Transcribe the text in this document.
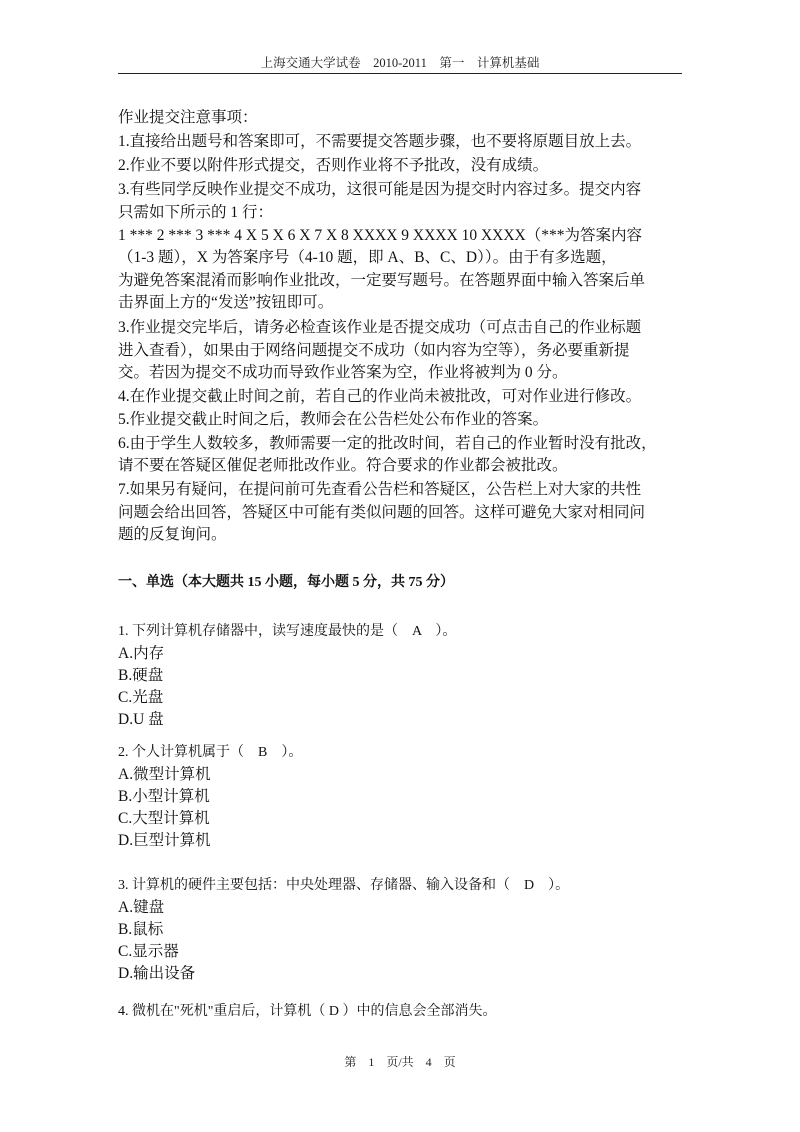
上海交通大学试卷　2010-2011　第一　计算机基础
作业提交注意事项：
1.直接给出题号和答案即可，不需要提交答题步骤，也不要将原题目放上去。
2.作业不要以附件形式提交，否则作业将不予批改，没有成绩。
3.有些同学反映作业提交不成功，这很可能是因为提交时内容过多。提交内容
只需如下所示的 1 行：
1 *** 2 *** 3 *** 4 X 5 X 6 X 7 X 8 XXXX 9 XXXX 10 XXXX（***为答案内容
（1-3 题），X 为答案序号（4-10 题，即 A、B、C、D））。由于有多选题，
为避免答案混淆而影响作业批改，一定要写题号。在答题界面中输入答案后单
击界面上方的“发送”按钮即可。
3.作业提交完毕后，请务必检查该作业是否提交成功（可点击自己的作业标题
进入查看），如果由于网络问题提交不成功（如内容为空等），务必要重新提
交。若因为提交不成功而导致作业答案为空，作业将被判为 0 分。
4.在作业提交截止时间之前，若自己的作业尚未被批改，可对作业进行修改。
5.作业提交截止时间之后，教师会在公告栏处公布作业的答案。
6.由于学生人数较多，教师需要一定的批改时间，若自己的作业暂时没有批改，
请不要在答疑区催促老师批改作业。符合要求的作业都会被批改。
7.如果另有疑问，在提问前可先查看公告栏和答疑区，公告栏上对大家的共性
问题会给出回答，答疑区中可能有类似问题的回答。这样可避免大家对相同问
题的反复询问。
一、单选（本大题共 15 小题，每小题 5 分，共 75 分）
1. 下列计算机存储器中，读写速度最快的是（　A　）。
A.内存
B.硬盘
C.光盘
D.U 盘
2. 个人计算机属于（　B　）。
A.微型计算机
B.小型计算机
C.大型计算机
D.巨型计算机
3. 计算机的硬件主要包括：中央处理器、存储器、输入设备和（　D　）。
A.键盘
B.鼠标
C.显示器
D.输出设备
4. 微机在"死机"重启后，计算机（ D ）中的信息会全部消失。
第　1　页/共　4　页
